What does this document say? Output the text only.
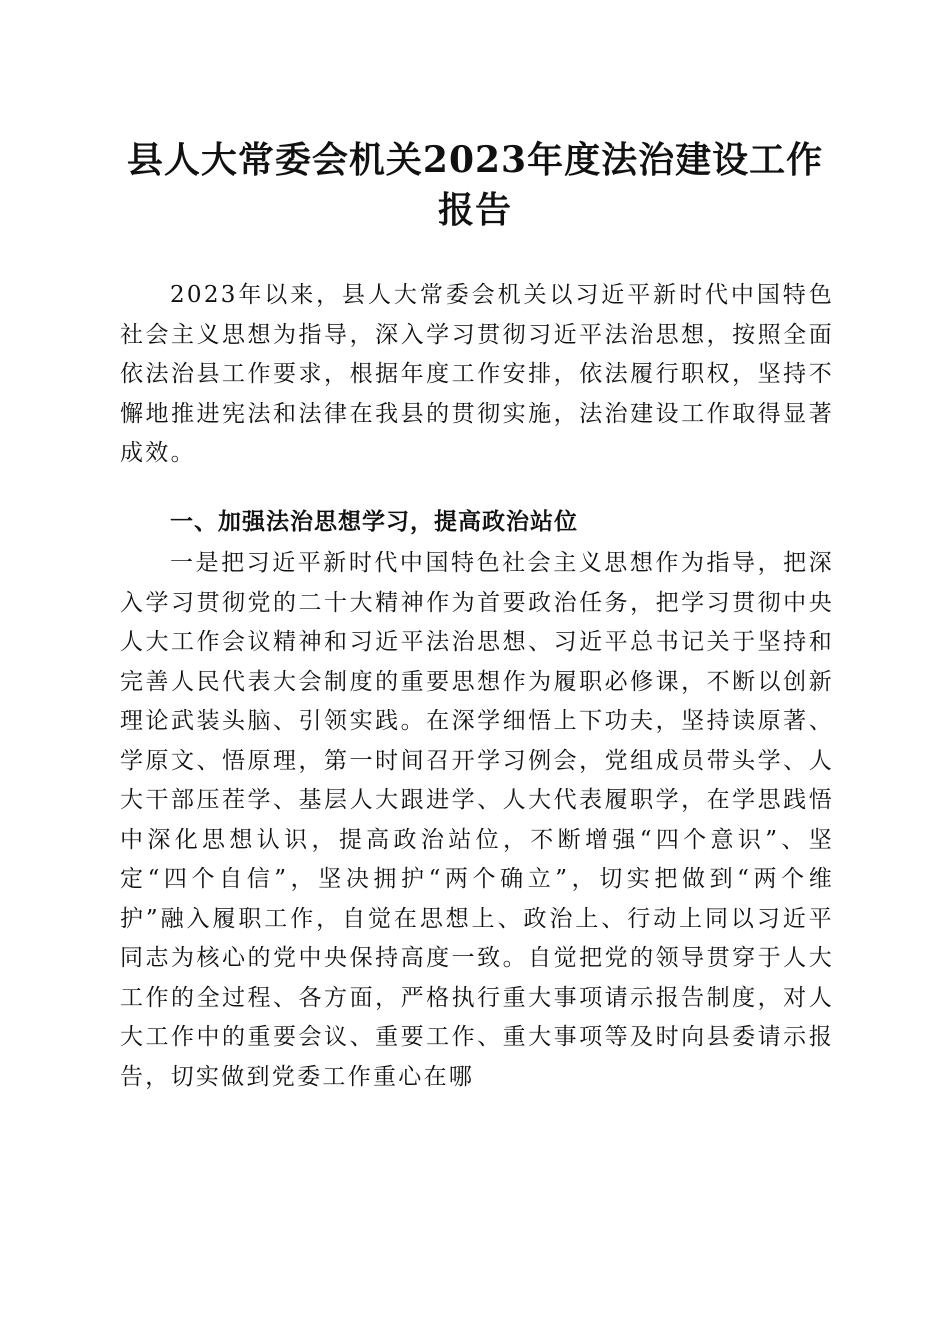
县人大常委会机关2023年度法治建设工作报告

2023年以来，县人大常委会机关以习近平新时代中国特色社会主义思想为指导，深入学习贯彻习近平法治思想，按照全面依法治县工作要求，根据年度工作安排，依法履行职权，坚持不懈地推进宪法和法律在我县的贯彻实施，法治建设工作取得显著成效。

一、加强法治思想学习，提高政治站位

一是把习近平新时代中国特色社会主义思想作为指导，把深入学习贯彻党的二十大精神作为首要政治任务，把学习贯彻中央人大工作会议精神和习近平法治思想、习近平总书记关于坚持和完善人民代表大会制度的重要思想作为履职必修课，不断以创新理论武装头脑、引领实践。在深学细悟上下功夫，坚持读原著、学原文、悟原理，第一时间召开学习例会，党组成员带头学、人大干部压茬学、基层人大跟进学、人大代表履职学，在学思践悟中深化思想认识，提高政治站位，不断增强“四个意识”、坚定“四个自信”，坚决拥护“两个确立”，切实把做到“两个维护”融入履职工作，自觉在思想上、政治上、行动上同以习近平同志为核心的党中央保持高度一致。自觉把党的领导贯穿于人大工作的全过程、各方面，严格执行重大事项请示报告制度，对人大工作中的重要会议、重要工作、重大事项等及时向县委请示报告，切实做到党委工作重心在哪
